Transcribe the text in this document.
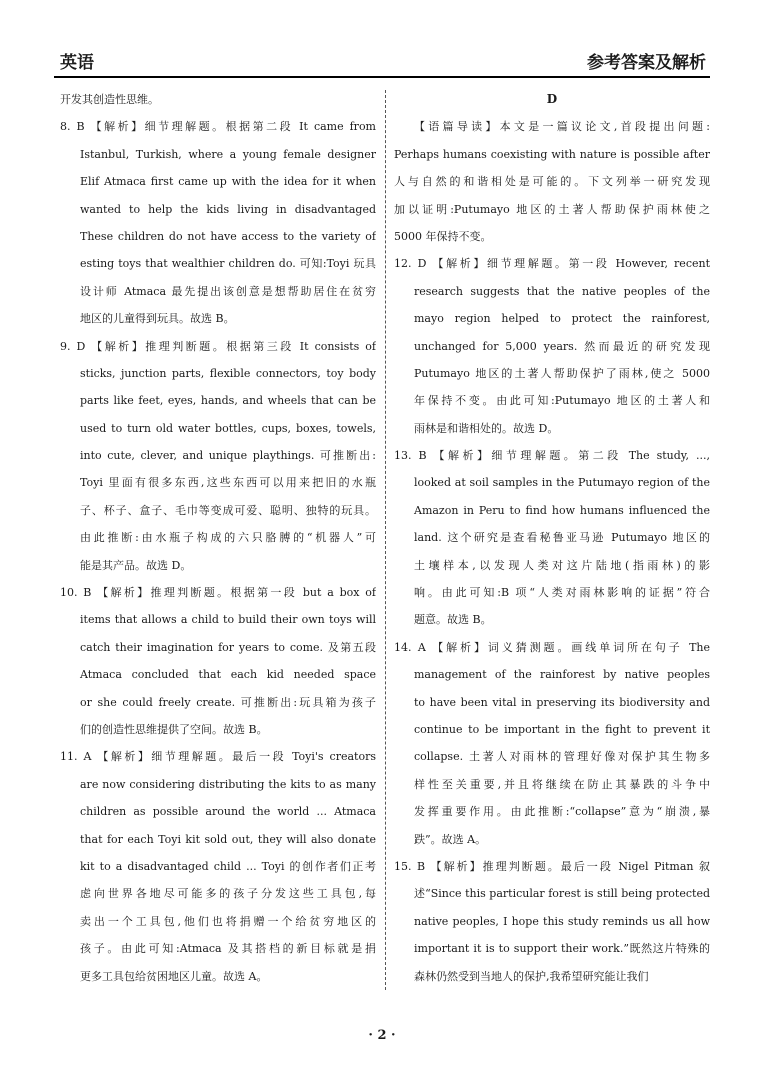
英语	参考答案及解析
开发其创造性思维。
8. B 【解析】细节理解题。根据第二段 It came from
Istanbul, Turkish, where a young female designer
Elif Atmaca first came up with the idea for it when
wanted to help the kids living in disadvantaged
These children do not have access to the variety of
esting toys that wealthier children do. 可知:Toyi 玩具
设计师 Atmaca 最先提出该创意是想帮助居住在贫穷
地区的儿童得到玩具。故选 B。
9. D 【解析】推理判断题。根据第三段 It consists of
sticks, junction parts, flexible connectors, toy body
parts like feet, eyes, hands, and wheels that can be
used to turn old water bottles, cups, boxes, towels,
into cute, clever, and unique playthings. 可推断出:
Toyi 里面有很多东西,这些东西可以用来把旧的水瓶
子、杯子、盒子、毛巾等变成可爱、聪明、独特的玩具。
由此推断:由水瓶子构成的六只胳膊的“机器人”可
能是其产品。故选 D。
10. B 【解析】推理判断题。根据第一段 but a box of
items that allows a child to build their own toys will
catch their imagination for years to come. 及第五段
Atmaca concluded that each kid needed space
or she could freely create. 可推断出:玩具箱为孩子
们的创造性思维提供了空间。故选 B。
11. A 【解析】细节理解题。最后一段 Toyi's creators
are now considering distributing the kits to as many
children as possible around the world ... Atmaca
that for each Toyi kit sold out, they will also donate
kit to a disadvantaged child ... Toyi 的创作者们正考
虑向世界各地尽可能多的孩子分发这些工具包,每
卖出一个工具包,他们也将捐赠一个给贫穷地区的
孩子。由此可知:Atmaca 及其搭档的新目标就是捐
更多工具包给贫困地区儿童。故选 A。
D
【语篇导读】本文是一篇议论文,首段提出问题:
Perhaps humans coexisting with nature is possible after
人与自然的和谐相处是可能的。下文列举一研究发现
加以证明:Putumayo 地区的土著人帮助保护雨林使之
5000 年保持不变。
12. D 【解析】细节理解题。第一段 However, recent
research suggests that the native peoples of the
mayo region helped to protect the rainforest,
unchanged for 5,000 years. 然而最近的研究发现
Putumayo 地区的土著人帮助保护了雨林,使之 5000
年保持不变。由此可知:Putumayo 地区的土著人和
雨林是和谐相处的。故选 D。
13. B 【解析】细节理解题。第二段 The study, ...,
looked at soil samples in the Putumayo region of the
Amazon in Peru to find how humans influenced the
land. 这个研究是查看秘鲁亚马逊 Putumayo 地区的
土壤样本,以发现人类对这片陆地(指雨林)的影
响。由此可知:B 项“人类对雨林影响的证据”符合
题意。故选 B。
14. A 【解析】词义猜测题。画线单词所在句子 The
management of the rainforest by native peoples
to have been vital in preserving its biodiversity and
continue to be important in the fight to prevent it
collapse. 土著人对雨林的管理好像对保护其生物多
样性至关重要,并且将继续在防止其暴跌的斗争中
发挥重要作用。由此推断:“collapse”意为“崩溃,暴
跌”。故选 A。
15. B 【解析】推理判断题。最后一段 Nigel Pitman 叙
述“Since this particular forest is still being protected
native peoples, I hope this study reminds us all how
important it is to support their work.”既然这片特殊的
森林仍然受到当地人的保护,我希望研究能让我们
· 2 ·
